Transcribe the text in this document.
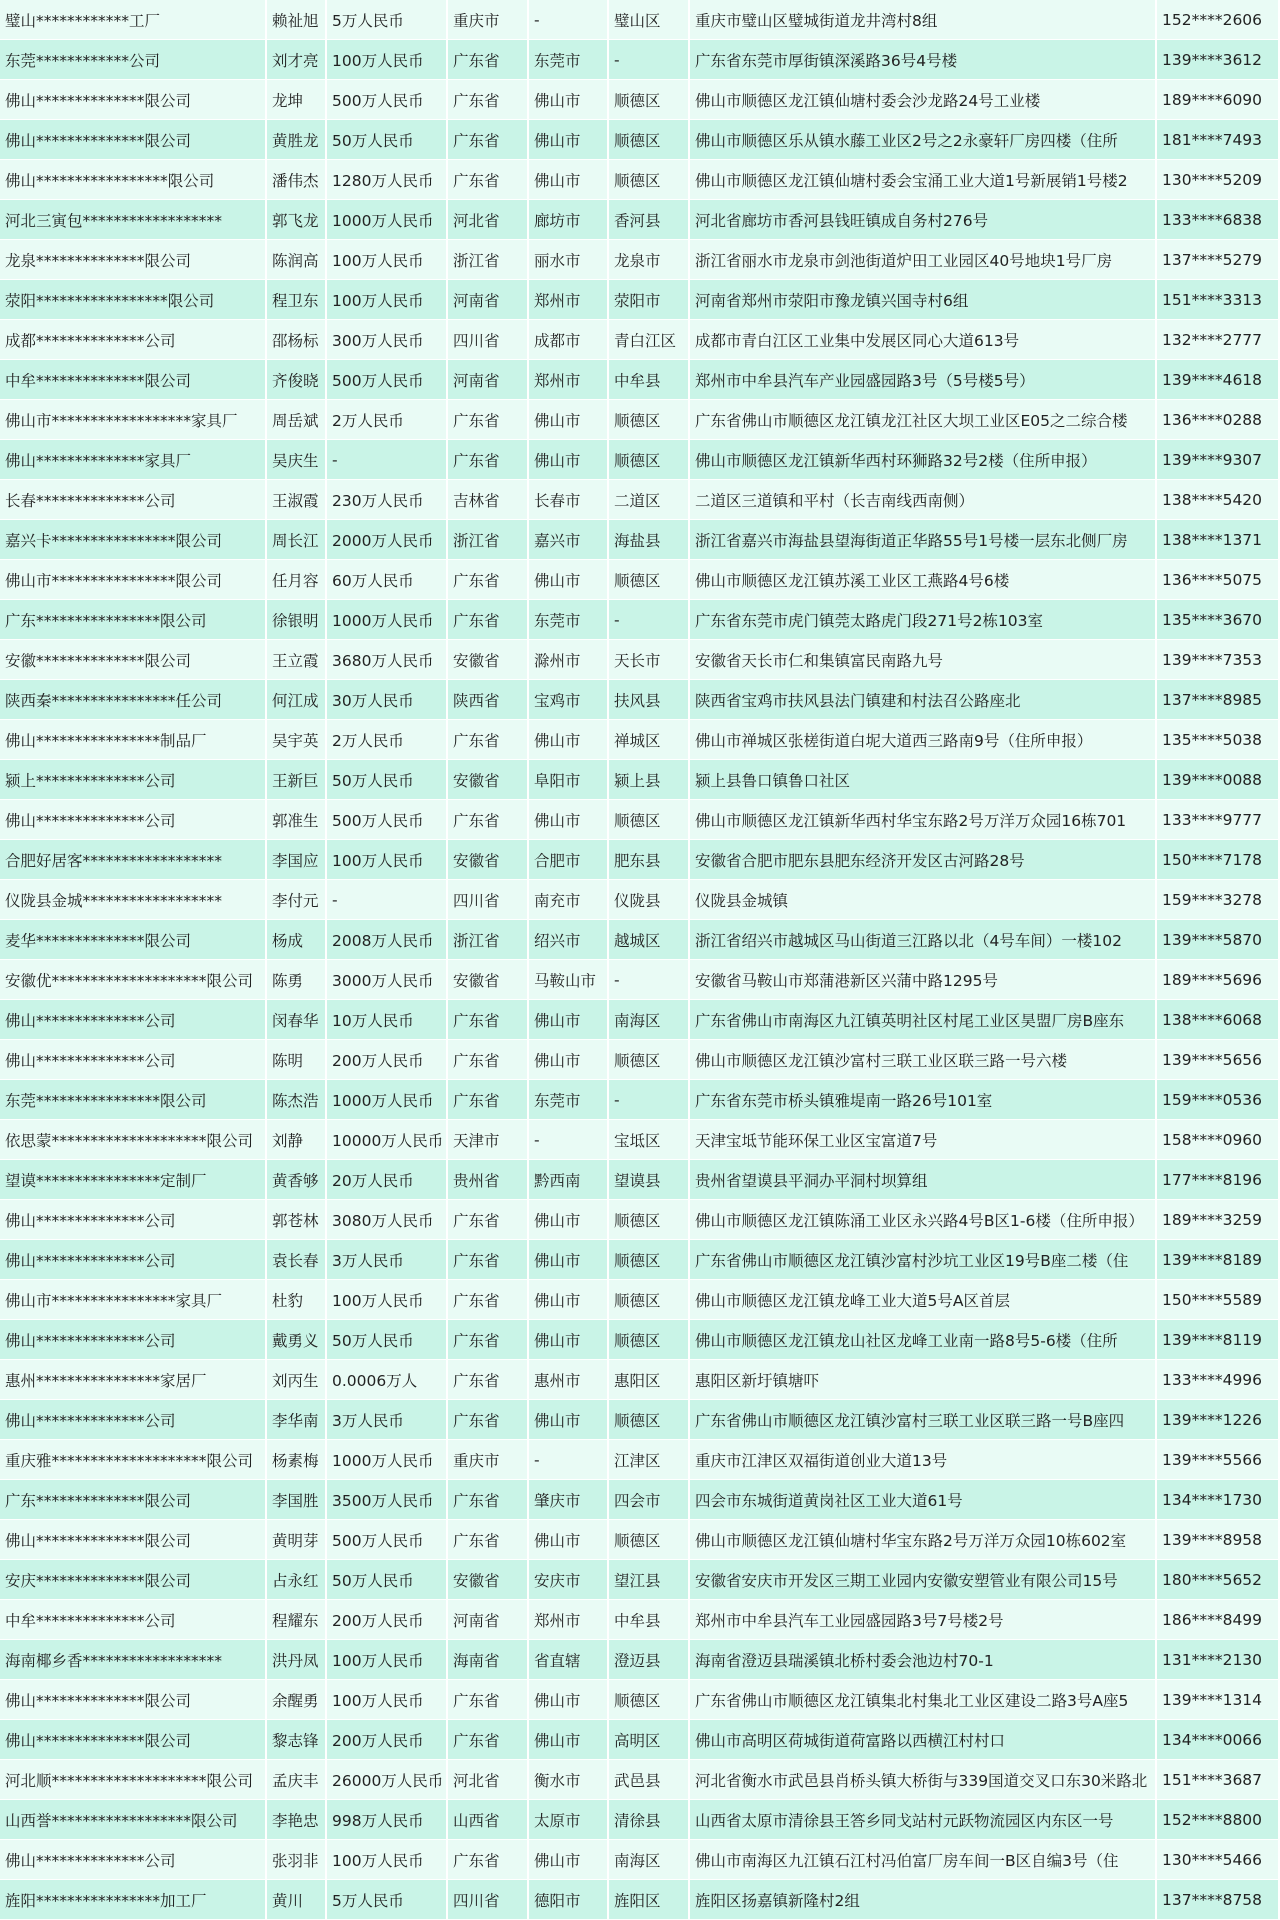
璧山************工厂	赖祉旭	5万人民币	重庆市	-	璧山区	重庆市璧山区璧城街道龙井湾村8组	152****2606
东莞************公司	刘才亮	100万人民币	广东省	东莞市	-	广东省东莞市厚街镇深溪路36号4号楼	139****3612
佛山**************限公司	龙坤	500万人民币	广东省	佛山市	顺德区	佛山市顺德区龙江镇仙塘村委会沙龙路24号工业楼	189****6090
佛山**************限公司	黄胜龙	50万人民币	广东省	佛山市	顺德区	佛山市顺德区乐从镇水藤工业区2号之2永豪轩厂房四楼（住所	181****7493
佛山*****************限公司	潘伟杰	1280万人民币	广东省	佛山市	顺德区	佛山市顺德区龙江镇仙塘村委会宝涌工业大道1号新展销1号楼2	130****5209
河北三寅包******************	郭飞龙	1000万人民币	河北省	廊坊市	香河县	河北省廊坊市香河县钱旺镇成自务村276号	133****6838
龙泉**************限公司	陈润高	100万人民币	浙江省	丽水市	龙泉市	浙江省丽水市龙泉市剑池街道炉田工业园区40号地块1号厂房	137****5279
荥阳*****************限公司	程卫东	100万人民币	河南省	郑州市	荥阳市	河南省郑州市荥阳市豫龙镇兴国寺村6组	151****3313
成都**************公司	邵杨标	300万人民币	四川省	成都市	青白江区	成都市青白江区工业集中发展区同心大道613号	132****2777
中牟**************限公司	齐俊晓	500万人民币	河南省	郑州市	中牟县	郑州市中牟县汽车产业园盛园路3号（5号楼5号）	139****4618
佛山市******************家具厂	周岳斌	2万人民币	广东省	佛山市	顺德区	广东省佛山市顺德区龙江镇龙江社区大坝工业区E05之二综合楼	136****0288
佛山**************家具厂	吴庆生	-	广东省	佛山市	顺德区	佛山市顺德区龙江镇新华西村环狮路32号2楼（住所申报）	139****9307
长春**************公司	王淑霞	230万人民币	吉林省	长春市	二道区	二道区三道镇和平村（长吉南线西南侧）	138****5420
嘉兴卡****************限公司	周长江	2000万人民币	浙江省	嘉兴市	海盐县	浙江省嘉兴市海盐县望海街道正华路55号1号楼一层东北侧厂房	138****1371
佛山市****************限公司	任月容	60万人民币	广东省	佛山市	顺德区	佛山市顺德区龙江镇苏溪工业区工燕路4号6楼	136****5075
广东****************限公司	徐银明	1000万人民币	广东省	东莞市	-	广东省东莞市虎门镇莞太路虎门段271号2栋103室	135****3670
安徽**************限公司	王立霞	3680万人民币	安徽省	滁州市	天长市	安徽省天长市仁和集镇富民南路九号	139****7353
陕西秦****************任公司	何江成	30万人民币	陕西省	宝鸡市	扶风县	陕西省宝鸡市扶风县法门镇建和村法召公路座北	137****8985
佛山****************制品厂	吴宇英	2万人民币	广东省	佛山市	禅城区	佛山市禅城区张槎街道白坭大道西三路南9号（住所申报）	135****5038
颍上**************公司	王新巨	50万人民币	安徽省	阜阳市	颍上县	颍上县鲁口镇鲁口社区	139****0088
佛山**************公司	郭准生	500万人民币	广东省	佛山市	顺德区	佛山市顺德区龙江镇新华西村华宝东路2号万洋万众园16栋701	133****9777
合肥好居客******************	李国应	100万人民币	安徽省	合肥市	肥东县	安徽省合肥市肥东县肥东经济开发区古河路28号	150****7178
仪陇县金城******************	李付元	-	四川省	南充市	仪陇县	仪陇县金城镇	159****3278
麦华**************限公司	杨成	2008万人民币	浙江省	绍兴市	越城区	浙江省绍兴市越城区马山街道三江路以北（4号车间）一楼102	139****5870
安徽优********************限公司	陈勇	3000万人民币	安徽省	马鞍山市	-	安徽省马鞍山市郑蒲港新区兴蒲中路1295号	189****5696
佛山**************公司	闵春华	10万人民币	广东省	佛山市	南海区	广东省佛山市南海区九江镇英明社区村尾工业区昊盟厂房B座东	138****6068
佛山**************公司	陈明	200万人民币	广东省	佛山市	顺德区	佛山市顺德区龙江镇沙富村三联工业区联三路一号六楼	139****5656
东莞****************限公司	陈杰浩	1000万人民币	广东省	东莞市	-	广东省东莞市桥头镇雅堤南一路26号101室	159****0536
依思蒙********************限公司	刘静	10000万人民币	天津市	-	宝坻区	天津宝坻节能环保工业区宝富道7号	158****0960
望谟****************定制厂	黄香够	20万人民币	贵州省	黔西南	望谟县	贵州省望谟县平洞办平洞村坝算组	177****8196
佛山**************公司	郭苍林	3080万人民币	广东省	佛山市	顺德区	佛山市顺德区龙江镇陈涌工业区永兴路4号B区1-6楼（住所申报）	189****3259
佛山**************公司	袁长春	3万人民币	广东省	佛山市	顺德区	广东省佛山市顺德区龙江镇沙富村沙坑工业区19号B座二楼（住	139****8189
佛山市****************家具厂	杜豹	100万人民币	广东省	佛山市	顺德区	佛山市顺德区龙江镇龙峰工业大道5号A区首层	150****5589
佛山**************公司	戴勇义	50万人民币	广东省	佛山市	顺德区	佛山市顺德区龙江镇龙山社区龙峰工业南一路8号5-6楼（住所	139****8119
惠州****************家居厂	刘丙生	0.0006万人	广东省	惠州市	惠阳区	惠阳区新圩镇塘吓	133****4996
佛山**************公司	李华南	3万人民币	广东省	佛山市	顺德区	广东省佛山市顺德区龙江镇沙富村三联工业区联三路一号B座四	139****1226
重庆雅********************限公司	杨素梅	1000万人民币	重庆市	-	江津区	重庆市江津区双福街道创业大道13号	139****5566
广东**************限公司	李国胜	3500万人民币	广东省	肇庆市	四会市	四会市东城街道黄岗社区工业大道61号	134****1730
佛山**************限公司	黄明芽	500万人民币	广东省	佛山市	顺德区	佛山市顺德区龙江镇仙塘村华宝东路2号万洋万众园10栋602室	139****8958
安庆**************限公司	占永红	50万人民币	安徽省	安庆市	望江县	安徽省安庆市开发区三期工业园内安徽安塑管业有限公司15号	180****5652
中牟**************公司	程耀东	200万人民币	河南省	郑州市	中牟县	郑州市中牟县汽车工业园盛园路3号7号楼2号	186****8499
海南椰乡香******************	洪丹凤	100万人民币	海南省	省直辖	澄迈县	海南省澄迈县瑞溪镇北桥村委会池边村70-1	131****2130
佛山**************限公司	余醒勇	100万人民币	广东省	佛山市	顺德区	广东省佛山市顺德区龙江镇集北村集北工业区建设二路3号A座5	139****1314
佛山**************限公司	黎志锋	200万人民币	广东省	佛山市	高明区	佛山市高明区荷城街道荷富路以西横江村村口	134****0066
河北顺********************限公司	孟庆丰	26000万人民币	河北省	衡水市	武邑县	河北省衡水市武邑县肖桥头镇大桥街与339国道交叉口东30米路北	151****3687
山西誉******************限公司	李艳忠	998万人民币	山西省	太原市	清徐县	山西省太原市清徐县王答乡同戈站村元跃物流园区内东区一号	152****8800
佛山**************公司	张羽非	100万人民币	广东省	佛山市	南海区	佛山市南海区九江镇石江村冯伯富厂房车间一B区自编3号（住	130****5466
旌阳****************加工厂	黄川	5万人民币	四川省	德阳市	旌阳区	旌阳区扬嘉镇新隆村2组	137****8758
